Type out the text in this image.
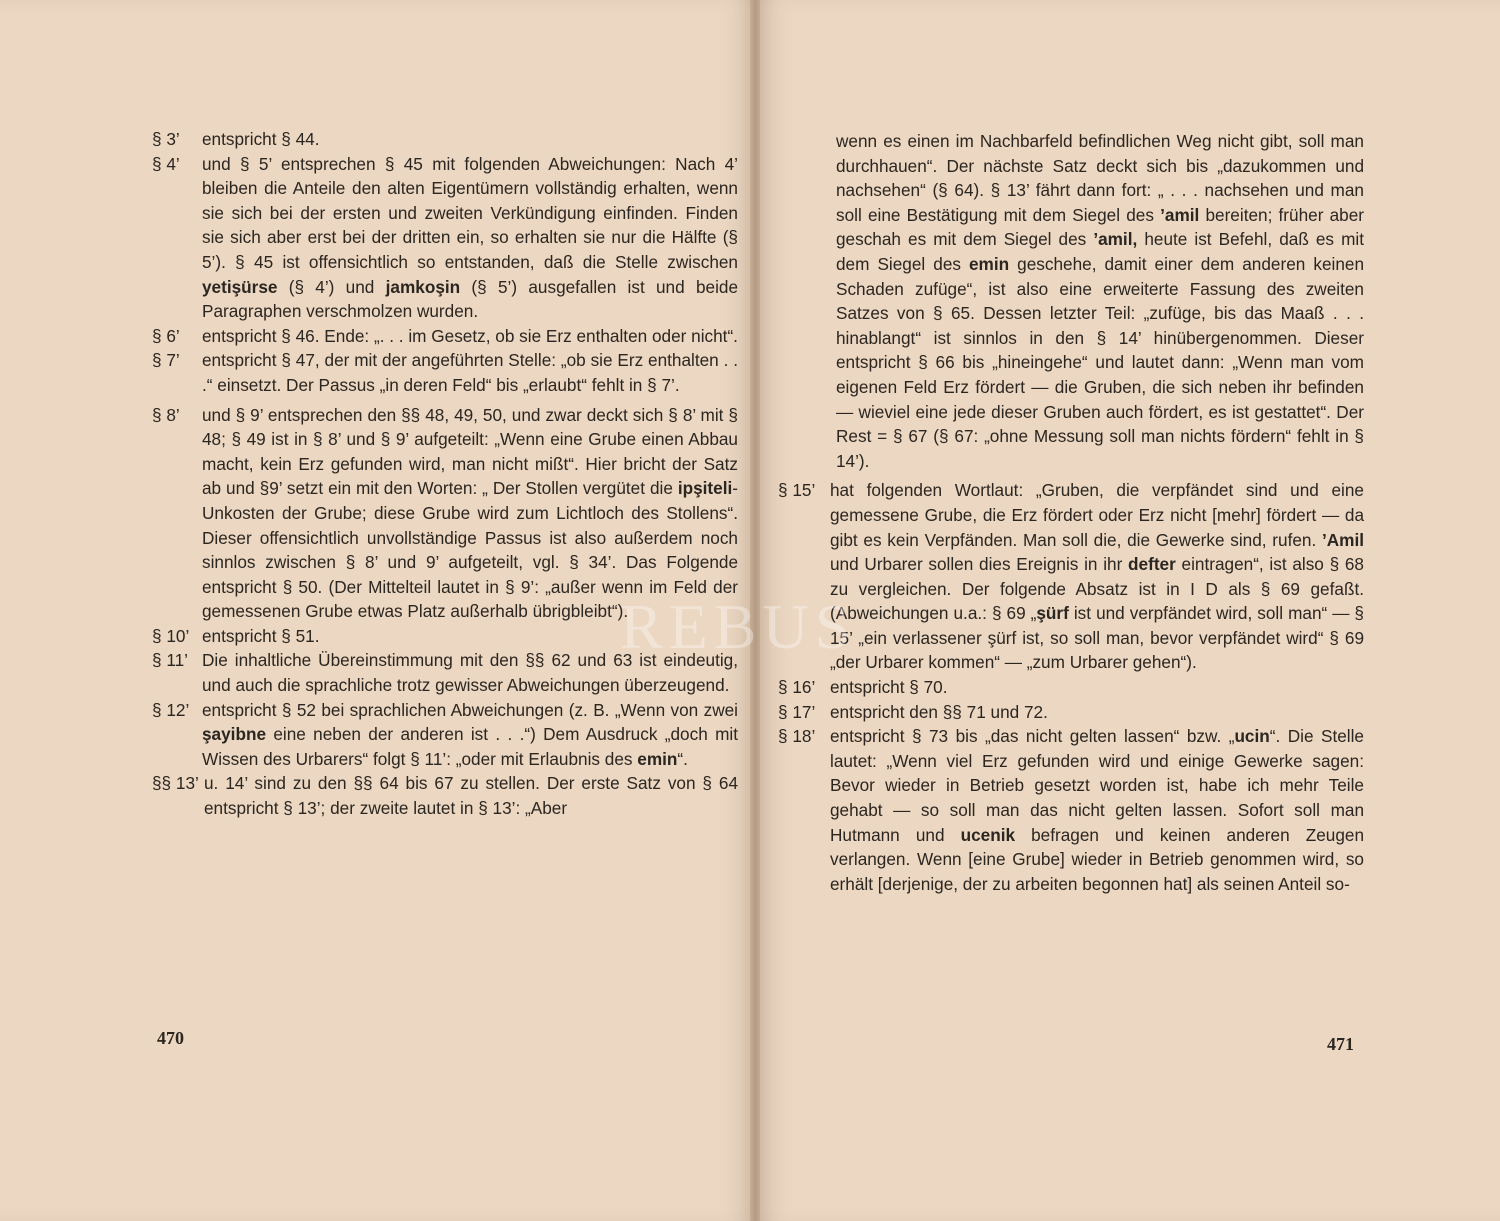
§ 3’ entspricht § 44.
§ 4’ und § 5’ entsprechen § 45 mit folgenden Abweichungen: Nach 4’ bleiben die Anteile den alten Eigentümern vollständig erhalten, wenn sie sich bei der ersten und zweiten Verkündigung einfinden. Finden sie sich aber erst bei der dritten ein, so erhalten sie nur die Hälfte (§ 5’). § 45 ist offensichtlich so entstanden, daß die Stelle zwischen yetişürse (§ 4’) und jamkoşin (§ 5’) ausgefallen ist und beide Paragraphen verschmolzen wurden.
§ 6’ entspricht § 46. Ende: „. . . im Gesetz, ob sie Erz enthalten oder nicht“.
§ 7’ entspricht § 47, der mit der angeführten Stelle: „ob sie Erz enthalten . . .“ einsetzt. Der Passus „in deren Feld“ bis „erlaubt“ fehlt in § 7’.
§ 8’ und § 9’ entsprechen den §§ 48, 49, 50, und zwar deckt sich § 8’ mit § 48; § 49 ist in § 8’ und § 9’ aufgeteilt: „Wenn eine Grube einen Abbau macht, kein Erz gefunden wird, man nicht mißt“. Hier bricht der Satz ab und §9’ setzt ein mit den Worten: „ Der Stollen vergütet die ipşiteli-Unkosten der Grube; diese Grube wird zum Lichtloch des Stollens“. Dieser offensichtlich unvollständige Passus ist also außerdem noch sinnlos zwischen § 8’ und 9’ aufgeteilt, vgl. § 34’. Das Folgende entspricht § 50. (Der Mittelteil lautet in § 9’: „außer wenn im Feld der gemessenen Grube etwas Platz außerhalb übrigbleibt“).
§ 10’ entspricht § 51.
§ 11’ Die inhaltliche Übereinstimmung mit den §§ 62 und 63 ist eindeutig, und auch die sprachliche trotz gewisser Abweichungen überzeugend.
§ 12’ entspricht § 52 bei sprachlichen Abweichungen (z. B. „Wenn von zwei şayibne eine neben der anderen ist . . .“) Dem Ausdruck „doch mit Wissen des Urbarers“ folgt § 11’: „oder mit Erlaubnis des emin“.
§§ 13’ u. 14’ sind zu den §§ 64 bis 67 zu stellen. Der erste Satz von § 64 entspricht § 13’; der zweite lautet in § 13’: „Aber
470
wenn es einen im Nachbarfeld befindlichen Weg nicht gibt, soll man durchhauen“. Der nächste Satz deckt sich bis „dazukommen und nachsehen“ (§ 64). § 13’ fährt dann fort: „ . . . nachsehen und man soll eine Bestätigung mit dem Siegel des ’amil bereiten; früher aber geschah es mit dem Siegel des ’amil, heute ist Befehl, daß es mit dem Siegel des emin geschehe, damit einer dem anderen keinen Schaden zufüge“, ist also eine erweiterte Fassung des zweiten Satzes von § 65. Dessen letzter Teil: „zufüge, bis das Maaß . . . hinablangt“ ist sinnlos in den § 14’ hinübergenommen. Dieser entspricht § 66 bis „hineingehe“ und lautet dann: „Wenn man vom eigenen Feld Erz fördert — die Gruben, die sich neben ihr befinden — wieviel eine jede dieser Gruben auch fördert, es ist gestattet“. Der Rest = § 67 (§ 67: „ohne Messung soll man nichts fördern“ fehlt in § 14’).
§ 15’ hat folgenden Wortlaut: „Gruben, die verpfändet sind und eine gemessene Grube, die Erz fördert oder Erz nicht [mehr] fördert — da gibt es kein Verpfänden. Man soll die, die Gewerke sind, rufen. ’Amil und Urbarer sollen dies Ereignis in ihr defter eintragen“, ist also § 68 zu vergleichen. Der folgende Absatz ist in I D als § 69 gefaßt. (Abweichungen u.a.: § 69 „şürf ist und verpfändet wird, soll man“ — § 15’ „ein verlassener şürf ist, so soll man, bevor verpfändet wird“ § 69 „der Urbarer kommen“ — „zum Urbarer gehen“).
§ 16’ entspricht § 70.
§ 17’ entspricht den §§ 71 und 72.
§ 18’ entspricht § 73 bis „das nicht gelten lassen“ bzw. „ucin“. Die Stelle lautet: „Wenn viel Erz gefunden wird und einige Gewerke sagen: Bevor wieder in Betrieb gesetzt worden ist, habe ich mehr Teile gehabt — so soll man das nicht gelten lassen. Sofort soll man Hutmann und ucenik befragen und keinen anderen Zeugen verlangen. Wenn [eine Grube] wieder in Betrieb genommen wird, so erhält [derjenige, der zu arbeiten begonnen hat] als seinen Anteil so-
471
REBUS
